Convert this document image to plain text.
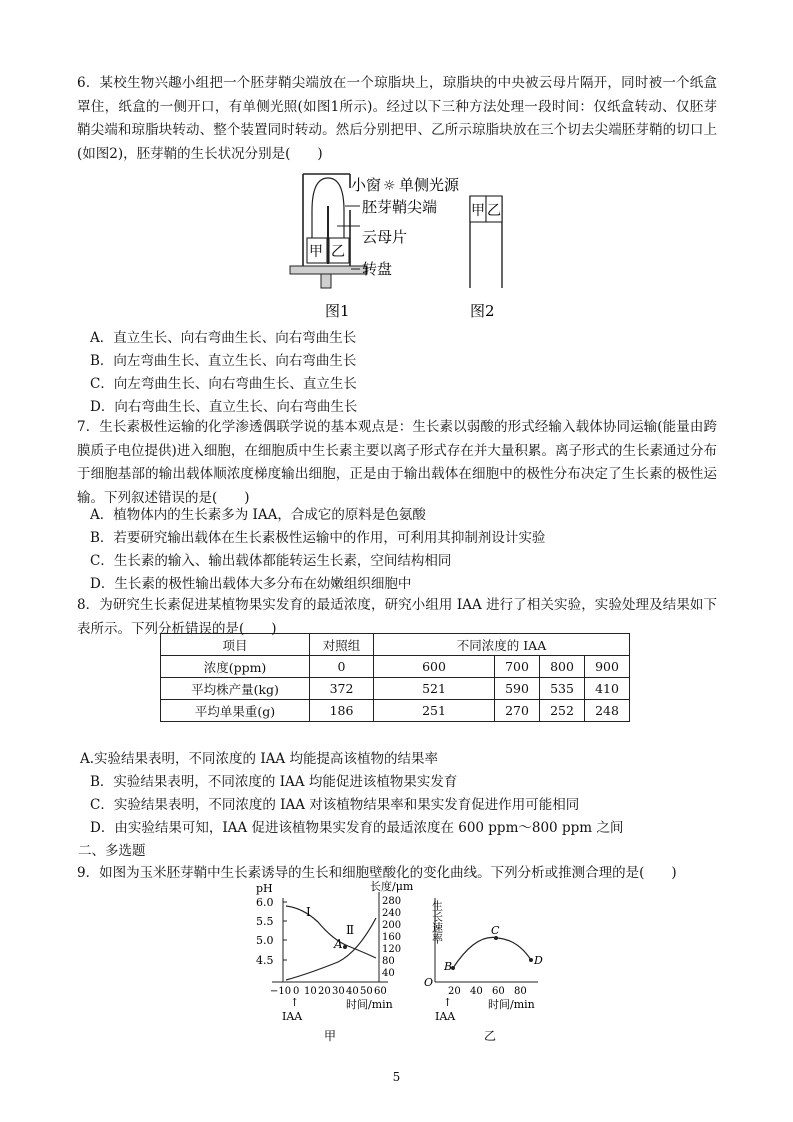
6．某校生物兴趣小组把一个胚芽鞘尖端放在一个琼脂块上，琼脂块的中央被云母片隔开，同时被一个纸盒罩住，纸盒的一侧开口，有单侧光照(如图1所示)。经过以下三种方法处理一段时间：仅纸盒转动、仅胚芽鞘尖端和琼脂块转动、整个装置同时转动。然后分别把甲、乙所示琼脂块放在三个切去尖端胚芽鞘的切口上(如图2)，胚芽鞘的生长状况分别是(　　)
小窗 ☼ 单侧光源
胚芽鞘尖端
云母片
甲 乙
转盘
图1
甲 乙
图2
A．直立生长、向右弯曲生长、向右弯曲生长
B．向左弯曲生长、直立生长、向右弯曲生长
C．向左弯曲生长、向右弯曲生长、直立生长
D．向右弯曲生长、直立生长、向右弯曲生长
7．生长素极性运输的化学渗透偶联学说的基本观点是：生长素以弱酸的形式经输入载体协同运输(能量由跨膜质子电位提供)进入细胞，在细胞质中生长素主要以离子形式存在并大量积累。离子形式的生长素通过分布于细胞基部的输出载体顺浓度梯度输出细胞，正是由于输出载体在细胞中的极性分布决定了生长素的极性运输。下列叙述错误的是(　　)
A．植物体内的生长素多为 IAA，合成它的原料是色氨酸
B．若要研究输出载体在生长素极性运输中的作用，可利用其抑制剂设计实验
C．生长素的输入、输出载体都能转运生长素，空间结构相同
D．生长素的极性输出载体大多分布在幼嫩组织细胞中
8．为研究生长素促进某植物果实发育的最适浓度，研究小组用 IAA 进行了相关实验，实验处理及结果如下表所示。下列分析错误的是(　　)
项目	对照组	不同浓度的 IAA			
浓度(ppm)	0	600	700	800	900
平均株产量(kg)	372	521	590	535	410
平均单果重(g)	186	251	270	252	248
A.实验结果表明，不同浓度的 IAA 均能提高该植物的结果率
B．实验结果表明，不同浓度的 IAA 均能促进该植物果实发育
C．实验结果表明，不同浓度的 IAA 对该植物结果率和果实发育促进作用可能相同
D．由实验结果可知，IAA 促进该植物果实发育的最适浓度在 600 ppm～800 ppm 之间
二、多选题
9．如图为玉米胚芽鞘中生长素诱导的生长和细胞壁酸化的变化曲线。下列分析或推测合理的是(　　)
pH
6.0
5.5
5.0
4.5
长度/μm
280
240
200
160
120
80
40
Ⅰ
Ⅱ
A
−10 0 10 20 30 40 50 60
时间/min
↑
IAA
甲
生长速率
O
B
C
D
20 40 60 80
时间/min
↑
IAA
乙
5
